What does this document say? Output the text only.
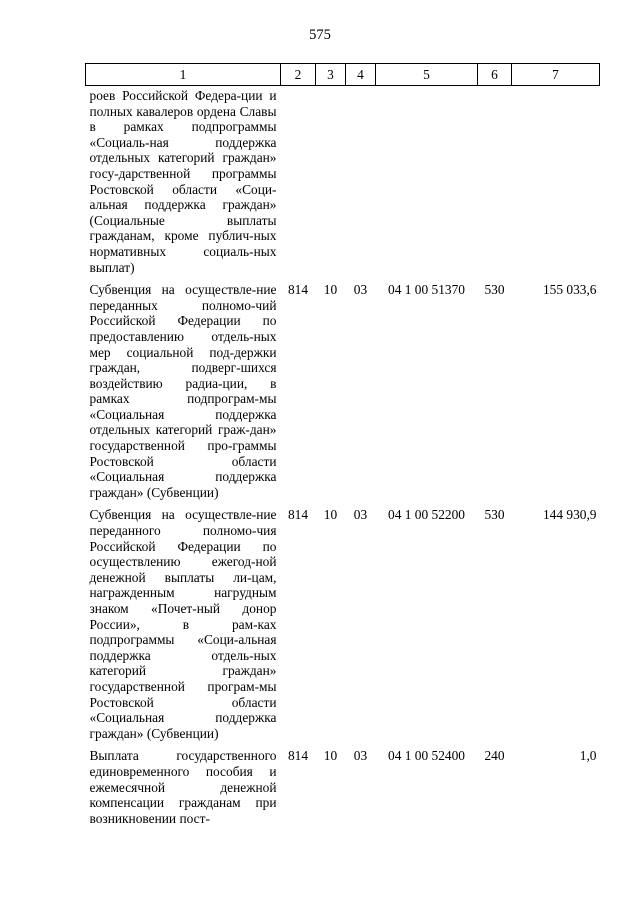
575
1	2	3	4	5	6	7
роев Российской Федера-ции и полных кавалеров ордена Славы в рамках подпрограммы «Социаль-ная поддержка отдельных категорий граждан» госу-дарственной программы Ростовской области «Соци-альная поддержка граждан» (Социальные выплаты гражданам, кроме публич-ных нормативных социаль-ных выплат)						
Субвенция на осуществле-ние переданных полномо-чий Российской Федерации по предоставлению отдель-ных мер социальной под-держки граждан, подверг-шихся воздействию радиа-ции, в рамках подпрограм-мы «Социальная поддержка отдельных категорий граж-дан» государственной про-граммы Ростовской области «Социальная поддержка граждан» (Субвенции)	814	10	03	04 1 00 51370	530	155 033,6
Субвенция на осуществле-ние переданного полномо-чия Российской Федерации по осуществлению ежегод-ной денежной выплаты ли-цам, награжденным нагрудным знаком «Почет-ный донор России», в рам-ках подпрограммы «Соци-альная поддержка отдель-ных категорий граждан» государственной програм-мы Ростовской области «Социальная поддержка граждан» (Субвенции)	814	10	03	04 1 00 52200	530	144 930,9
Выплата государственного единовременного пособия и ежемесячной денежной компенсации гражданам при возникновении пост-	814	10	03	04 1 00 52400	240	1,0
